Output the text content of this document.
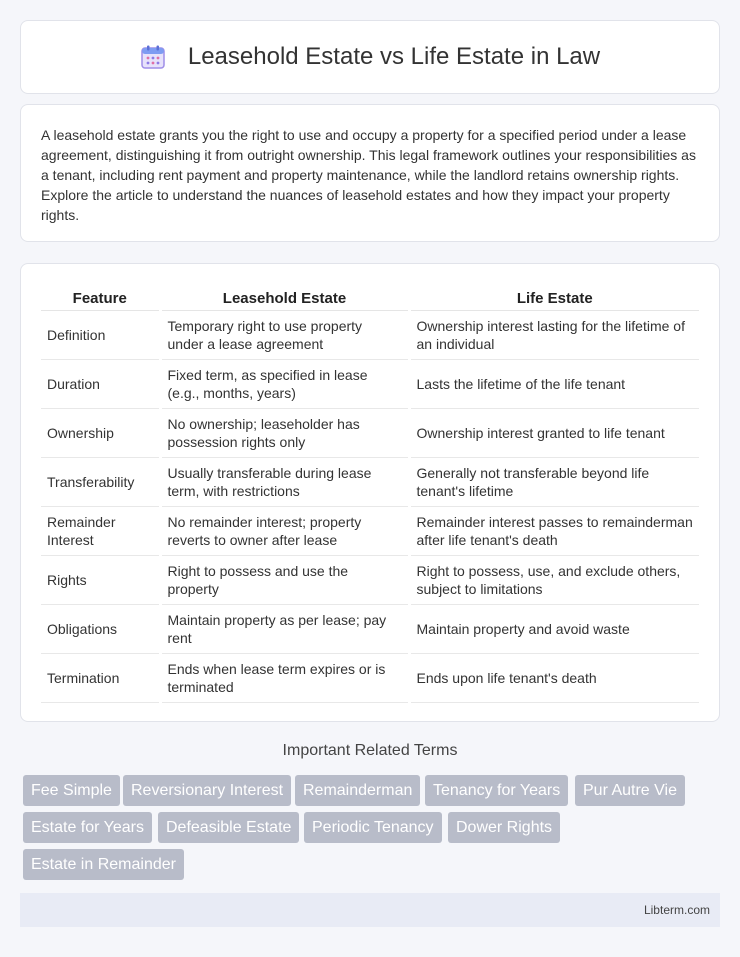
Leasehold Estate vs Life Estate in Law

A leasehold estate grants you the right to use and occupy a property for a specified period under a lease agreement, distinguishing it from outright ownership. This legal framework outlines your responsibilities as a tenant, including rent payment and property maintenance, while the landlord retains ownership rights. Explore the article to understand the nuances of leasehold estates and how they impact your property rights.

Feature	Leasehold Estate	Life Estate
Definition	Temporary right to use property under a lease agreement	Ownership interest lasting for the lifetime of an individual
Duration	Fixed term, as specified in lease (e.g., months, years)	Lasts the lifetime of the life tenant
Ownership	No ownership; leaseholder has possession rights only	Ownership interest granted to life tenant
Transferability	Usually transferable during lease term, with restrictions	Generally not transferable beyond life tenant's lifetime
Remainder Interest	No remainder interest; property reverts to owner after lease	Remainder interest passes to remainderman after life tenant's death
Rights	Right to possess and use the property	Right to possess, use, and exclude others, subject to limitations
Obligations	Maintain property as per lease; pay rent	Maintain property and avoid waste
Termination	Ends when lease term expires or is terminated	Ends upon life tenant's death
Important Related Terms
Fee Simple	Reversionary Interest	Remainderman	Tenancy for Years	Pur Autre Vie
Estate for Years	Defeasible Estate	Periodic Tenancy	Dower Rights
Estate in Remainder
Libterm.com
